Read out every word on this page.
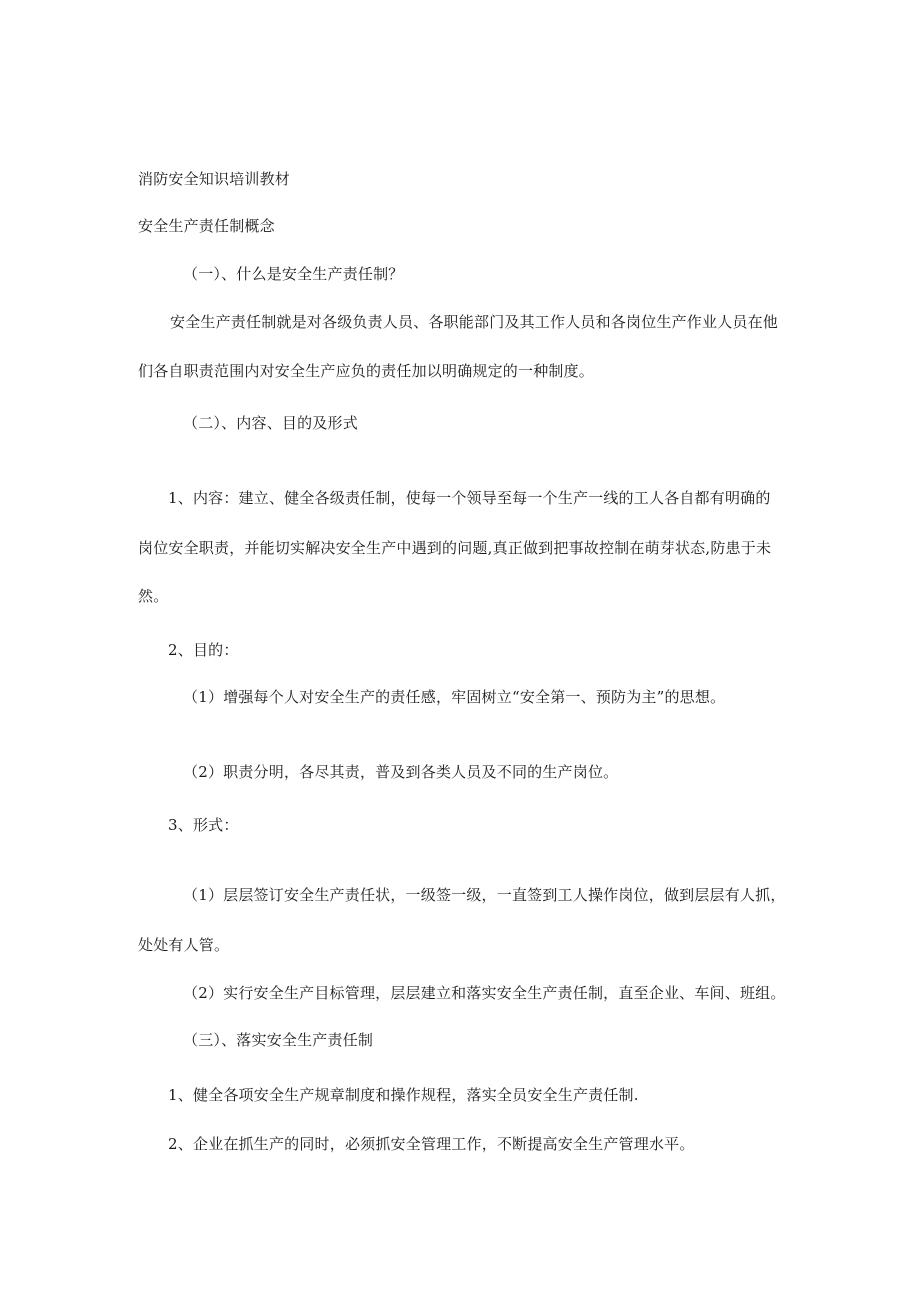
消防安全知识培训教材

安全生产责任制概念

（一）、什么是安全生产责任制？

安全生产责任制就是对各级负责人员、各职能部门及其工作人员和各岗位生产作业人员在他

们各自职责范围内对安全生产应负的责任加以明确规定的一种制度。

（二）、内容、目的及形式

1、内容：建立、健全各级责任制，使每一个领导至每一个生产一线的工人各自都有明确的

岗位安全职责，并能切实解决安全生产中遇到的问题,真正做到把事故控制在萌芽状态,防患于未

然。

2、目的：

（1）增强每个人对安全生产的责任感，牢固树立“安全第一、预防为主”的思想。

（2）职责分明，各尽其责，普及到各类人员及不同的生产岗位。

3、形式：

（1）层层签订安全生产责任状，一级签一级，一直签到工人操作岗位，做到层层有人抓，

处处有人管。

（2）实行安全生产目标管理，层层建立和落实安全生产责任制，直至企业、车间、班组。

（三）、落实安全生产责任制

1、健全各项安全生产规章制度和操作规程，落实全员安全生产责任制.

2、企业在抓生产的同时，必须抓安全管理工作，不断提高安全生产管理水平。
